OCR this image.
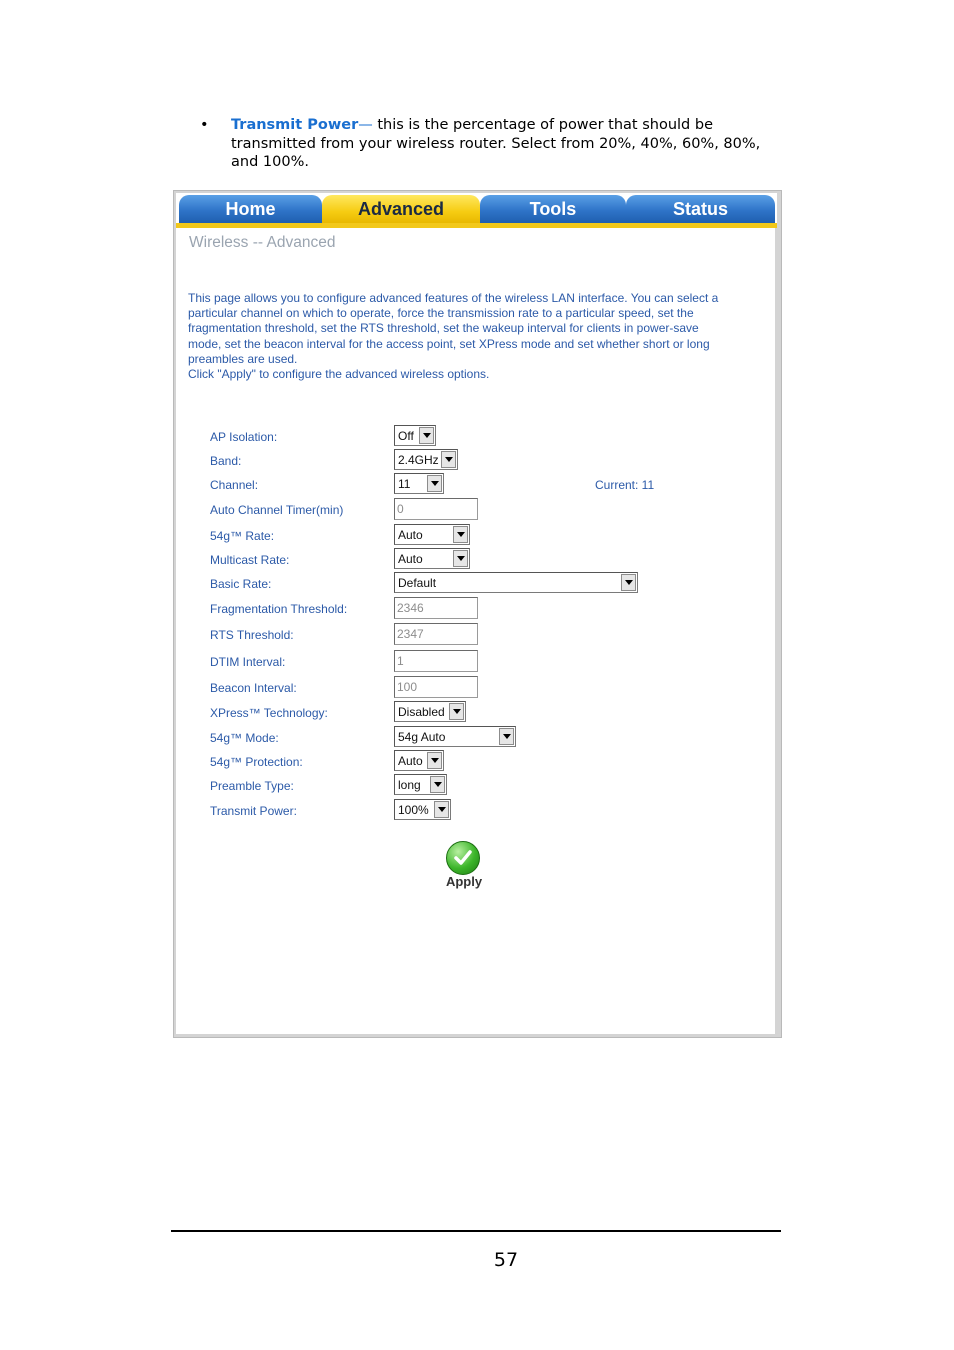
• Transmit Power— this is the percentage of power that should be transmitted from your wireless router. Select from 20%, 40%, 60%, 80%, and 100%.
Home	Advanced	Tools	Status
Wireless -- Advanced
This page allows you to configure advanced features of the wireless LAN interface. You can select a
particular channel on which to operate, force the transmission rate to a particular speed, set the
fragmentation threshold, set the RTS threshold, set the wakeup interval for clients in power-save
mode, set the beacon interval for the access point, set XPress mode and set whether short or long
preambles are used.
Click "Apply" to configure the advanced wireless options.
AP Isolation:	Off
Band:	2.4GHz
Channel:	11	Current: 11
Auto Channel Timer(min)	0
54g™ Rate:	Auto
Multicast Rate:	Auto
Basic Rate:	Default
Fragmentation Threshold:	2346
RTS Threshold:	2347
DTIM Interval:	1
Beacon Interval:	100
XPress™ Technology:	Disabled
54g™ Mode:	54g Auto
54g™ Protection:	Auto
Preamble Type:	long
Transmit Power:	100%
Apply
57
